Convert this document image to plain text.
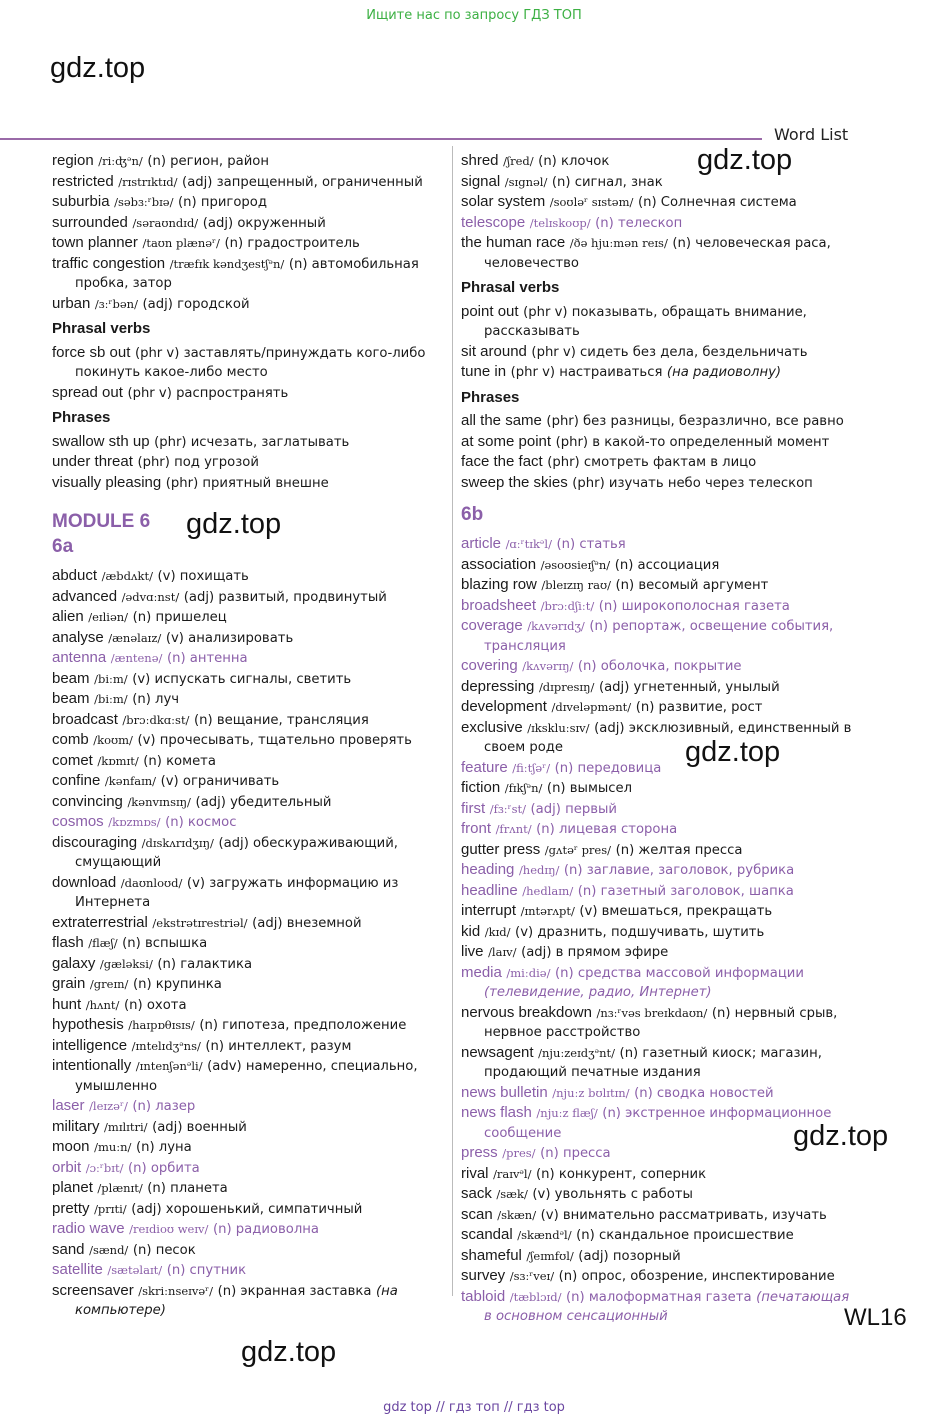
Ищите нас по запросу ГДЗ ТОП
gdz.top
gdz.top
gdz.top
gdz.top
gdz.top
gdz.top
Word List
region /riːʤᵊn/ (n) регион, район
restricted /rɪstrɪktɪd/ (adj) запрещенный, ограниченный
suburbia /səbɜːʳbɪə/ (n) пригород
surrounded /səraʊndɪd/ (adj) окруженный
town planner /taʊn plænəʳ/ (n) градостроитель
traffic congestion /træfɪk kəndʒestʃᵊn/ (n) автомобильная пробка, затор
urban /ɜːʳbən/ (adj) городской
Phrasal verbs
force sb out (phr v) заставлять/принуждать кого-либо покинуть какое-либо место
spread out (phr v) распространять
Phrases
swallow sth up (phr) исчезать, заглатывать
under threat (phr) под угрозой
visually pleasing (phr) приятный внешне
MODULE 6
6a
abduct /æbdʌkt/ (v) похищать
advanced /ədvɑːnst/ (adj) развитый, продвинутый
alien /eɪliən/ (n) пришелец
analyse /ænəlaɪz/ (v) анализировать
antenna /æntenə/ (n) антенна
beam /biːm/ (v) испускать сигналы, светить
beam /biːm/ (n) луч
broadcast /brɔːdkɑːst/ (n) вещание, трансляция
comb /koʊm/ (v) прочесывать, тщательно проверять
comet /kɒmɪt/ (n) комета
confine /kənfaɪn/ (v) ограничивать
convincing /kənvɪnsɪŋ/ (adj) убедительный
cosmos /kɒzmɒs/ (n) космос
discouraging /dɪskʌrɪdʒɪŋ/ (adj) обескураживающий, смущающий
download /daʊnloʊd/ (v) загружать информацию из Интернета
extraterrestrial /ekstrətɪrestriəl/ (adj) внеземной
flash /flæʃ/ (n) вспышка
galaxy /gæləksi/ (n) галактика
grain /greɪn/ (n) крупинка
hunt /hʌnt/ (n) охота
hypothesis /haɪpɒθɪsɪs/ (n) гипотеза, предположение
intelligence /ɪntelɪdʒᵊns/ (n) интеллект, разум
intentionally /ɪntenʃənᵊli/ (adv) намеренно, специально, умышленно
laser /leɪzəʳ/ (n) лазер
military /mɪlɪtri/ (adj) военный
moon /muːn/ (n) луна
orbit /ɔːʳbɪt/ (n) орбита
planet /plænɪt/ (n) планета
pretty /prɪti/ (adj) хорошенький, симпатичный
radio wave /reɪdioʊ weɪv/ (n) радиоволна
sand /sænd/ (n) песок
satellite /sætəlaɪt/ (n) спутник
screensaver /skriːnseɪvəʳ/ (n) экранная заставка (на компьютере)
shred /ʃred/ (n) клочок
signal /sɪgnəl/ (n) сигнал, знак
solar system /soʊləʳ sɪstəm/ (n) Солнечная система
telescope /telɪskoʊp/ (n) телескоп
the human race /ðə hjuːmən reɪs/ (n) человеческая раса, человечество
Phrasal verbs
point out (phr v) показывать, обращать внимание, рассказывать
sit around (phr v) сидеть без дела, бездельничать
tune in (phr v) настраиваться (на радиоволну)
Phrases
all the same (phr) без разницы, безразлично, все равно
at some point (phr) в какой-то определенный момент
face the fact (phr) смотреть фактам в лицо
sweep the skies (phr) изучать небо через телескоп
6b
article /ɑːʳtɪkᵊl/ (n) статья
association /əsoʊsieɪʃᵊn/ (n) ассоциация
blazing row /bleɪzɪŋ raʊ/ (n) весомый аргумент
broadsheet /brɔːdʃiːt/ (n) широкополосная газета
coverage /kʌvərɪdʒ/ (n) репортаж, освещение события, трансляция
covering /kʌvərɪŋ/ (n) оболочка, покрытие
depressing /dɪpresɪŋ/ (adj) угнетенный, унылый
development /dɪveləpmənt/ (n) развитие, рост
exclusive /ɪkskluːsɪv/ (adj) эксклюзивный, единственный в своем роде
feature /fiːtʃəʳ/ (n) передовица
fiction /fɪkʃᵊn/ (n) вымысел
first /fɜːʳst/ (adj) первый
front /frʌnt/ (n) лицевая сторона
gutter press /gʌtəʳ pres/ (n) желтая пресса
heading /hedɪŋ/ (n) заглавие, заголовок, рубрика
headline /hedlaɪn/ (n) газетный заголовок, шапка
interrupt /ɪntərʌpt/ (v) вмешаться, прекращать
kid /kɪd/ (v) дразнить, подшучивать, шутить
live /laɪv/ (adj) в прямом эфире
media /miːdiə/ (n) средства массовой информации (телевидение, радио, Интернет)
nervous breakdown /nɜːʳvəs breɪkdaʊn/ (n) нервный срыв, нервное расстройство
newsagent /njuːzeɪdʒᵊnt/ (n) газетный киоск; магазин, продающий печатные издания
news bulletin /njuːz bʊlɪtɪn/ (n) сводка новостей
news flash /njuːz flæʃ/ (n) экстренное информационное сообщение
press /pres/ (n) пресса
rival /raɪvᵊl/ (n) конкурент, соперник
sack /sæk/ (v) увольнять с работы
scan /skæn/ (v) внимательно рассматривать, изучать
scandal /skændᵊl/ (n) скандальное происшествие
shameful /ʃeɪmfʊl/ (adj) позорный
survey /sɜːʳveɪ/ (n) опрос, обозрение, инспектирование
tabloid /tæblɔɪd/ (n) малоформатная газета (печатающая в основном сенсационный	WL16
gdz top // гдз топ // гдз top
